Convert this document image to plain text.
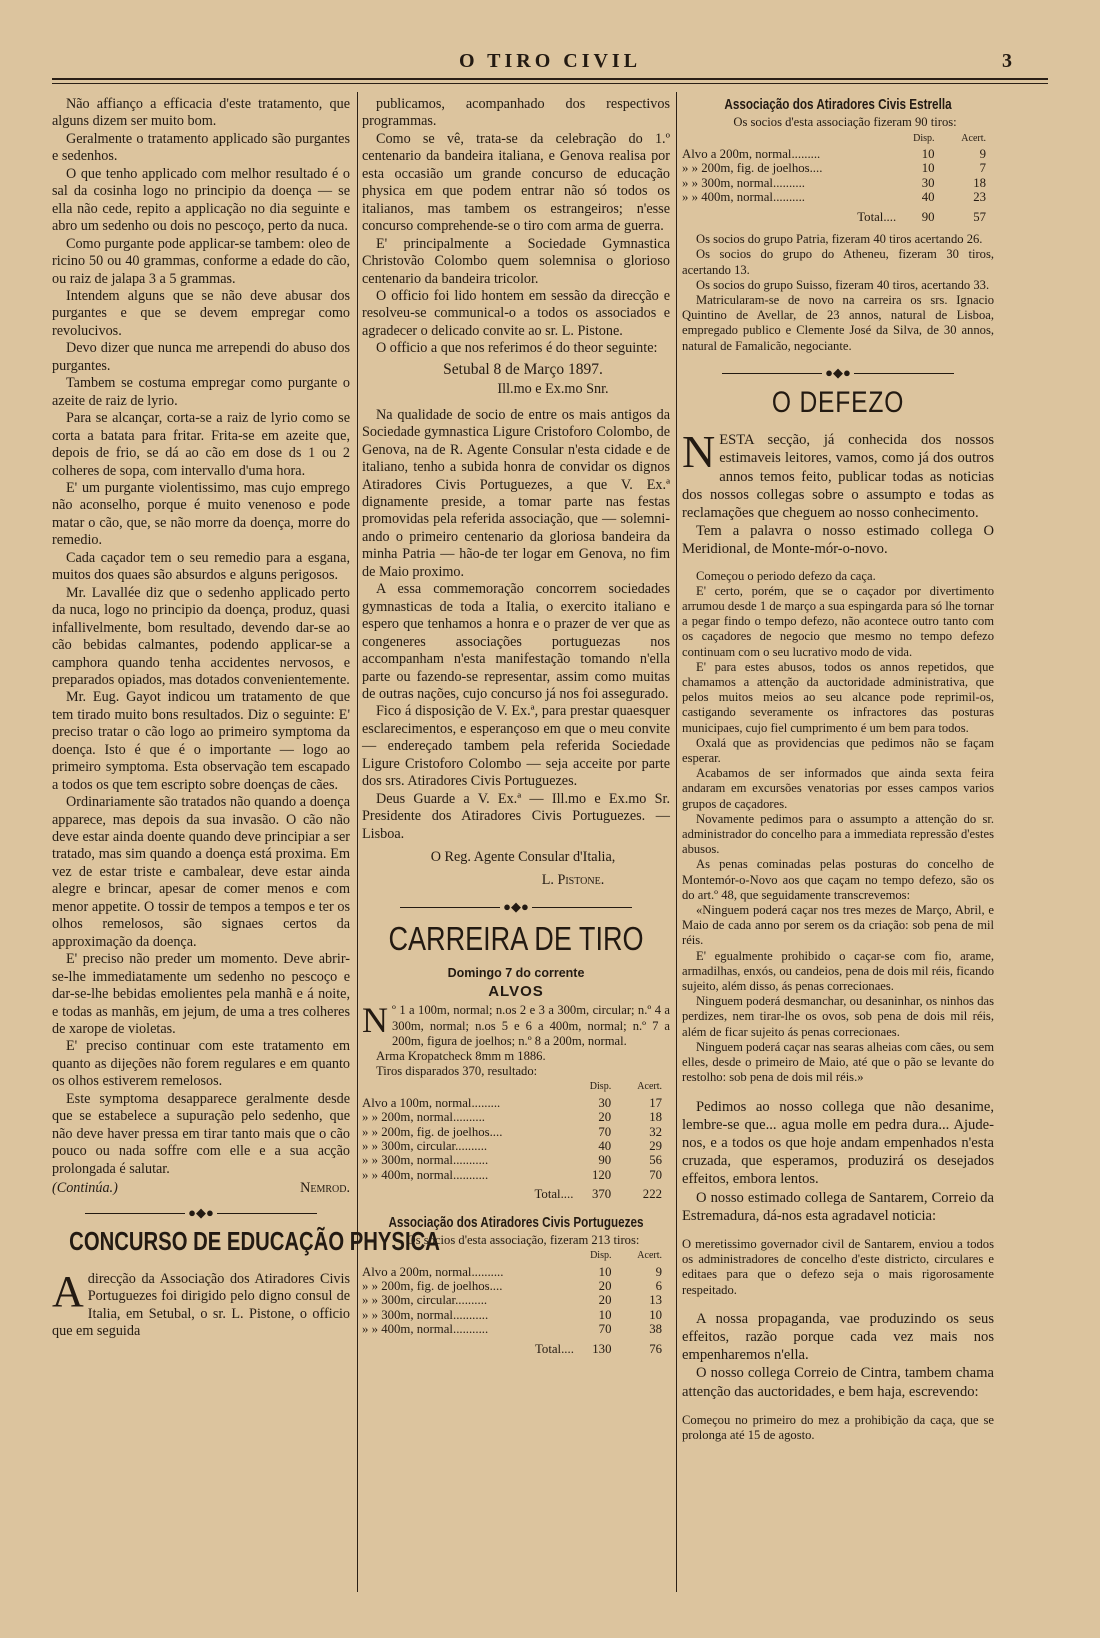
O TIRO CIVIL	3

Não affianço a efficacia d'este tratamento, que alguns dizem ser muito bom.

Geralmente o tratamento applicado são purgantes e sedenhos.

O que tenho applicado com melhor resultado é o sal da cosinha logo no principio da doença — se ella não cede, repito a applicação no dia seguinte e abro um sedenho ou dois no pescoço, perto da nuca.

Como purgante pode applicar-se tambem: oleo de ricino 50 ou 40 grammas, conforme a edade do cão, ou raiz de jalapa 3 a 5 grammas.

Intendem alguns que se não deve abusar dos purgantes e que se devem empregar como revolucivos.

Devo dizer que nunca me arrependi do abuso dos purgantes.

Tambem se costuma empregar como purgante o azeite de raiz de lyrio.

Para se alcançar, corta-se a raiz de lyrio como se corta a batata para fritar. Frita-se em azeite que, depois de frio, se dá ao cão em dose ds 1 ou 2 colheres de sopa, com intervallo d'uma hora.

E' um purgante violentissimo, mas cujo emprego não aconselho, porque é muito venenoso e pode matar o cão, que, se não morre da doença, morre do remedio.

Cada caçador tem o seu remedio para a esgana, muitos dos quaes são absurdos e alguns perigosos.

Mr. Lavallée diz que o sedenho applicado perto da nuca, logo no principio da doença, produz, quasi infallivelmente, bom resultado, devendo dar-se ao cão bebidas calmantes, podendo applicar-se a camphora quando tenha accidentes nervosos, e preparados opiados, mas dotados convenientemente.

Mr. Eug. Gayot indicou um tratamento de que tem tirado muito bons resultados. Diz o seguinte: E' preciso tratar o cão logo ao primeiro symptoma da doença. Isto é que é o importante — logo ao primeiro symptoma. Esta observação tem escapado a todos os que tem escripto sobre doenças de cães.

Ordinariamente são tratados não quando a doença apparece, mas depois da sua invasão. O cão não deve estar ainda doente quando deve principiar a ser tratado, mas sim quando a doença está proxima. Em vez de estar triste e cambalear, deve estar ainda alegre e brincar, apesar de comer menos e com menor appetite. O tossir de tempos a tempos e ter os olhos remelosos, são signaes certos da approximação da doença.

E' preciso não preder um momento. Deve abrir-se-lhe immediatamente um sedenho no pescoço e dar-se-lhe bebidas emolientes pela manhã e á noite, e todas as manhãs, em jejum, de uma a tres colheres de xarope de violetas.

E' preciso continuar com este tratamento em quanto as dijeções não forem regulares e em quanto os olhos estiverem remelosos.

Este symptoma desapparece geralmente desde que se estabelece a supuração pelo sedenho, que não deve haver pressa em tirar tanto mais que o cão pouco ou nada soffre com elle e a sua acção prolongada é salutar.

(Continúa.)	Nemrod.
●◆●
CONCURSO DE EDUCAÇÃO PHYSICA

Adirecção da Associação dos Atiradores Civis Portuguezes foi dirigido pelo digno consul de Italia, em Setubal, o sr. L. Pistone, o officio que em seguida

publicamos, acompanhado dos respectivos programmas.

Como se vê, trata-se da celebração do 1.º centenario da bandeira italiana, e Genova realisa por esta occasião um grande concurso de educação physica em que podem entrar não só todos os italianos, mas tambem os estrangeiros; n'esse concurso comprehende-se o tiro com arma de guerra.

E' principalmente a Sociedade Gymnastica Christovão Colombo quem solemnisa o glorioso centenario da bandeira tricolor.

O officio foi lido hontem em sessão da direcção e resolveu-se communical-o a todos os associados e agradecer o delicado convite ao sr. L. Pistone.

O officio a que nos referimos é do theor seguinte:

Setubal 8 de Março 1897.

Ill.mo e Ex.mo Snr.

Na qualidade de socio de entre os mais antigos da Sociedade gymnastica Ligure Cristoforo Colombo, de Genova, na de R. Agente Consular n'esta cidade e de italiano, tenho a subida honra de convidar os dignos Atiradores Civis Portuguezes, a que V. Ex.ª dignamente preside, a tomar parte nas festas promovidas pela referida associação, que — solemni-ando o primeiro centenario da gloriosa bandeira da minha Patria — hão-de ter logar em Genova, no fim de Maio proximo.

A essa commemoração concorrem sociedades gymnasticas de toda a Italia, o exercito italiano e espero que tenhamos a honra e o prazer de ver que as congeneres associações portuguezas nos accompanham n'esta manifestação tomando n'ella parte ou fazendo-se representar, assim como muitas de outras nações, cujo concurso já nos foi assegurado.

Fico á disposição de V. Ex.ª, para prestar quaesquer esclarecimentos, e esperançoso em que o meu convite — endereçado tambem pela referida Sociedade Ligure Cristoforo Colombo — seja acceite por parte dos srs. Atiradores Civis Portuguezes.

Deus Guarde a V. Ex.ª — Ill.mo e Ex.mo Sr. Presidente dos Atiradores Civis Portuguezes. — Lisboa.

O Reg. Agente Consular d'Italia,

L. Pistone.

●◆●
CARREIRA DE TIRO
Domingo 7 do corrente
ALVOS

Nº 1 a 100m, normal; n.os 2 e 3 a 300m, circular; n.º 4 a 300m, normal; n.os 5 e 6 a 400m, normal; n.º 7 a 200m, figura de joelhos; n.º 8 a 200m, normal.

Arma Kropatcheck 8mm m 1886.

Tiros disparados 370, resultado:

	Disp.	Acert.
Alvo a 100m, normal.........	30	17
» » 200m, normal..........	20	18
» » 200m, fig. de joelhos....	70	32
» » 300m, circular..........	40	29
» » 300m, normal...........	90	56
» » 400m, normal...........	120	70
Total....	370	222
Associação dos Atiradores Civis Portuguezes

Os socios d'esta associação, fizeram 213 tiros:

	Disp.	Acert.
Alvo a 200m, normal..........	10	9
» » 200m, fig. de joelhos....	20	6
» » 300m, circular..........	20	13
» » 300m, normal...........	10	10
» » 400m, normal...........	70	38
Total....	130	76
Associação dos Atiradores Civis Estrella

Os socios d'esta associação fizeram 90 tiros:

	Disp.	Acert.
Alvo a 200m, normal.........	10	9
» » 200m, fig. de joelhos....	10	7
» » 300m, normal..........	30	18
» » 400m, normal..........	40	23
Total....	90	57

Os socios do grupo Patria, fizeram 40 tiros acertando 26.

Os socios do grupo do Atheneu, fizeram 30 tiros, acertando 13.

Os socios do grupo Suisso, fizeram 40 tiros, acertando 33.

Matricularam-se de novo na carreira os srs. Ignacio Quintino de Avellar, de 23 annos, natural de Lisboa, empregado publico e Clemente José da Silva, de 30 annos, natural de Famalicão, negociante.

●◆●
O DEFEZO

NESTA secção, já conhecida dos nossos estimaveis leitores, vamos, como já dos outros annos temos feito, publicar todas as noticias dos nossos collegas sobre o assumpto e todas as reclamações que cheguem ao nosso conhecimento.

Tem a palavra o nosso estimado collega O Meridional, de Monte-mór-o-novo.

Começou o periodo defezo da caça.

E' certo, porém, que se o caçador por divertimento arrumou desde 1 de março a sua espingarda para só lhe tornar a pegar findo o tempo defezo, não acontece outro tanto com os caçadores de negocio que mesmo no tempo defezo continuam com o seu lucrativo modo de vida.

E' para estes abusos, todos os annos repetidos, que chamamos a attenção da auctoridade administrativa, que pelos muitos meios ao seu alcance pode reprimil-os, castigando severamente os infractores das posturas municipaes, cujo fiel cumprimento é um bem para todos.

Oxalá que as providencias que pedimos não se façam esperar.

Acabamos de ser informados que ainda sexta feira andaram em excursões venatorias por esses campos varios grupos de caçadores.

Novamente pedimos para o assumpto a attenção do sr. administrador do concelho para a immediata repressão d'estes abusos.

As penas cominadas pelas posturas do concelho de Montemór-o-Novo aos que caçam no tempo defezo, são os do art.º 48, que seguidamente transcrevemos:

«Ninguem poderá caçar nos tres mezes de Março, Abril, e Maio de cada anno por serem os da criação: sob pena de mil réis.

E' egualmente prohibido o caçar-se com fio, arame, armadilhas, enxós, ou candeios, pena de dois mil réis, ficando sujeito, além disso, ás penas correcionaes.

Ninguem poderá desmanchar, ou desaninhar, os ninhos das perdizes, nem tirar-lhe os ovos, sob pena de dois mil réis, além de ficar sujeito ás penas correcionaes.

Ninguem poderá caçar nas searas alheias com cães, ou sem elles, desde o primeiro de Maio, até que o pão se levante do restolho: sob pena de dois mil réis.»

Pedimos ao nosso collega que não desanime, lembre-se que... agua molle em pedra dura... Ajude-nos, e a todos os que hoje andam empenhados n'esta cruzada, que esperamos, produzirá os desejados effeitos, embora lentos.

O nosso estimado collega de Santarem, Correio da Estremadura, dá-nos esta agradavel noticia:

O meretissimo governador civil de Santarem, enviou a todos os administradores de concelho d'este districto, circulares e editaes para que o defezo seja o mais rigorosamente respeitado.

A nossa propaganda, vae produzindo os seus effeitos, razão porque cada vez mais nos empenharemos n'ella.

O nosso collega Correio de Cintra, tambem chama attenção das auctoridades, e bem haja, escrevendo:

Começou no primeiro do mez a prohibição da caça, que se prolonga até 15 de agosto.
